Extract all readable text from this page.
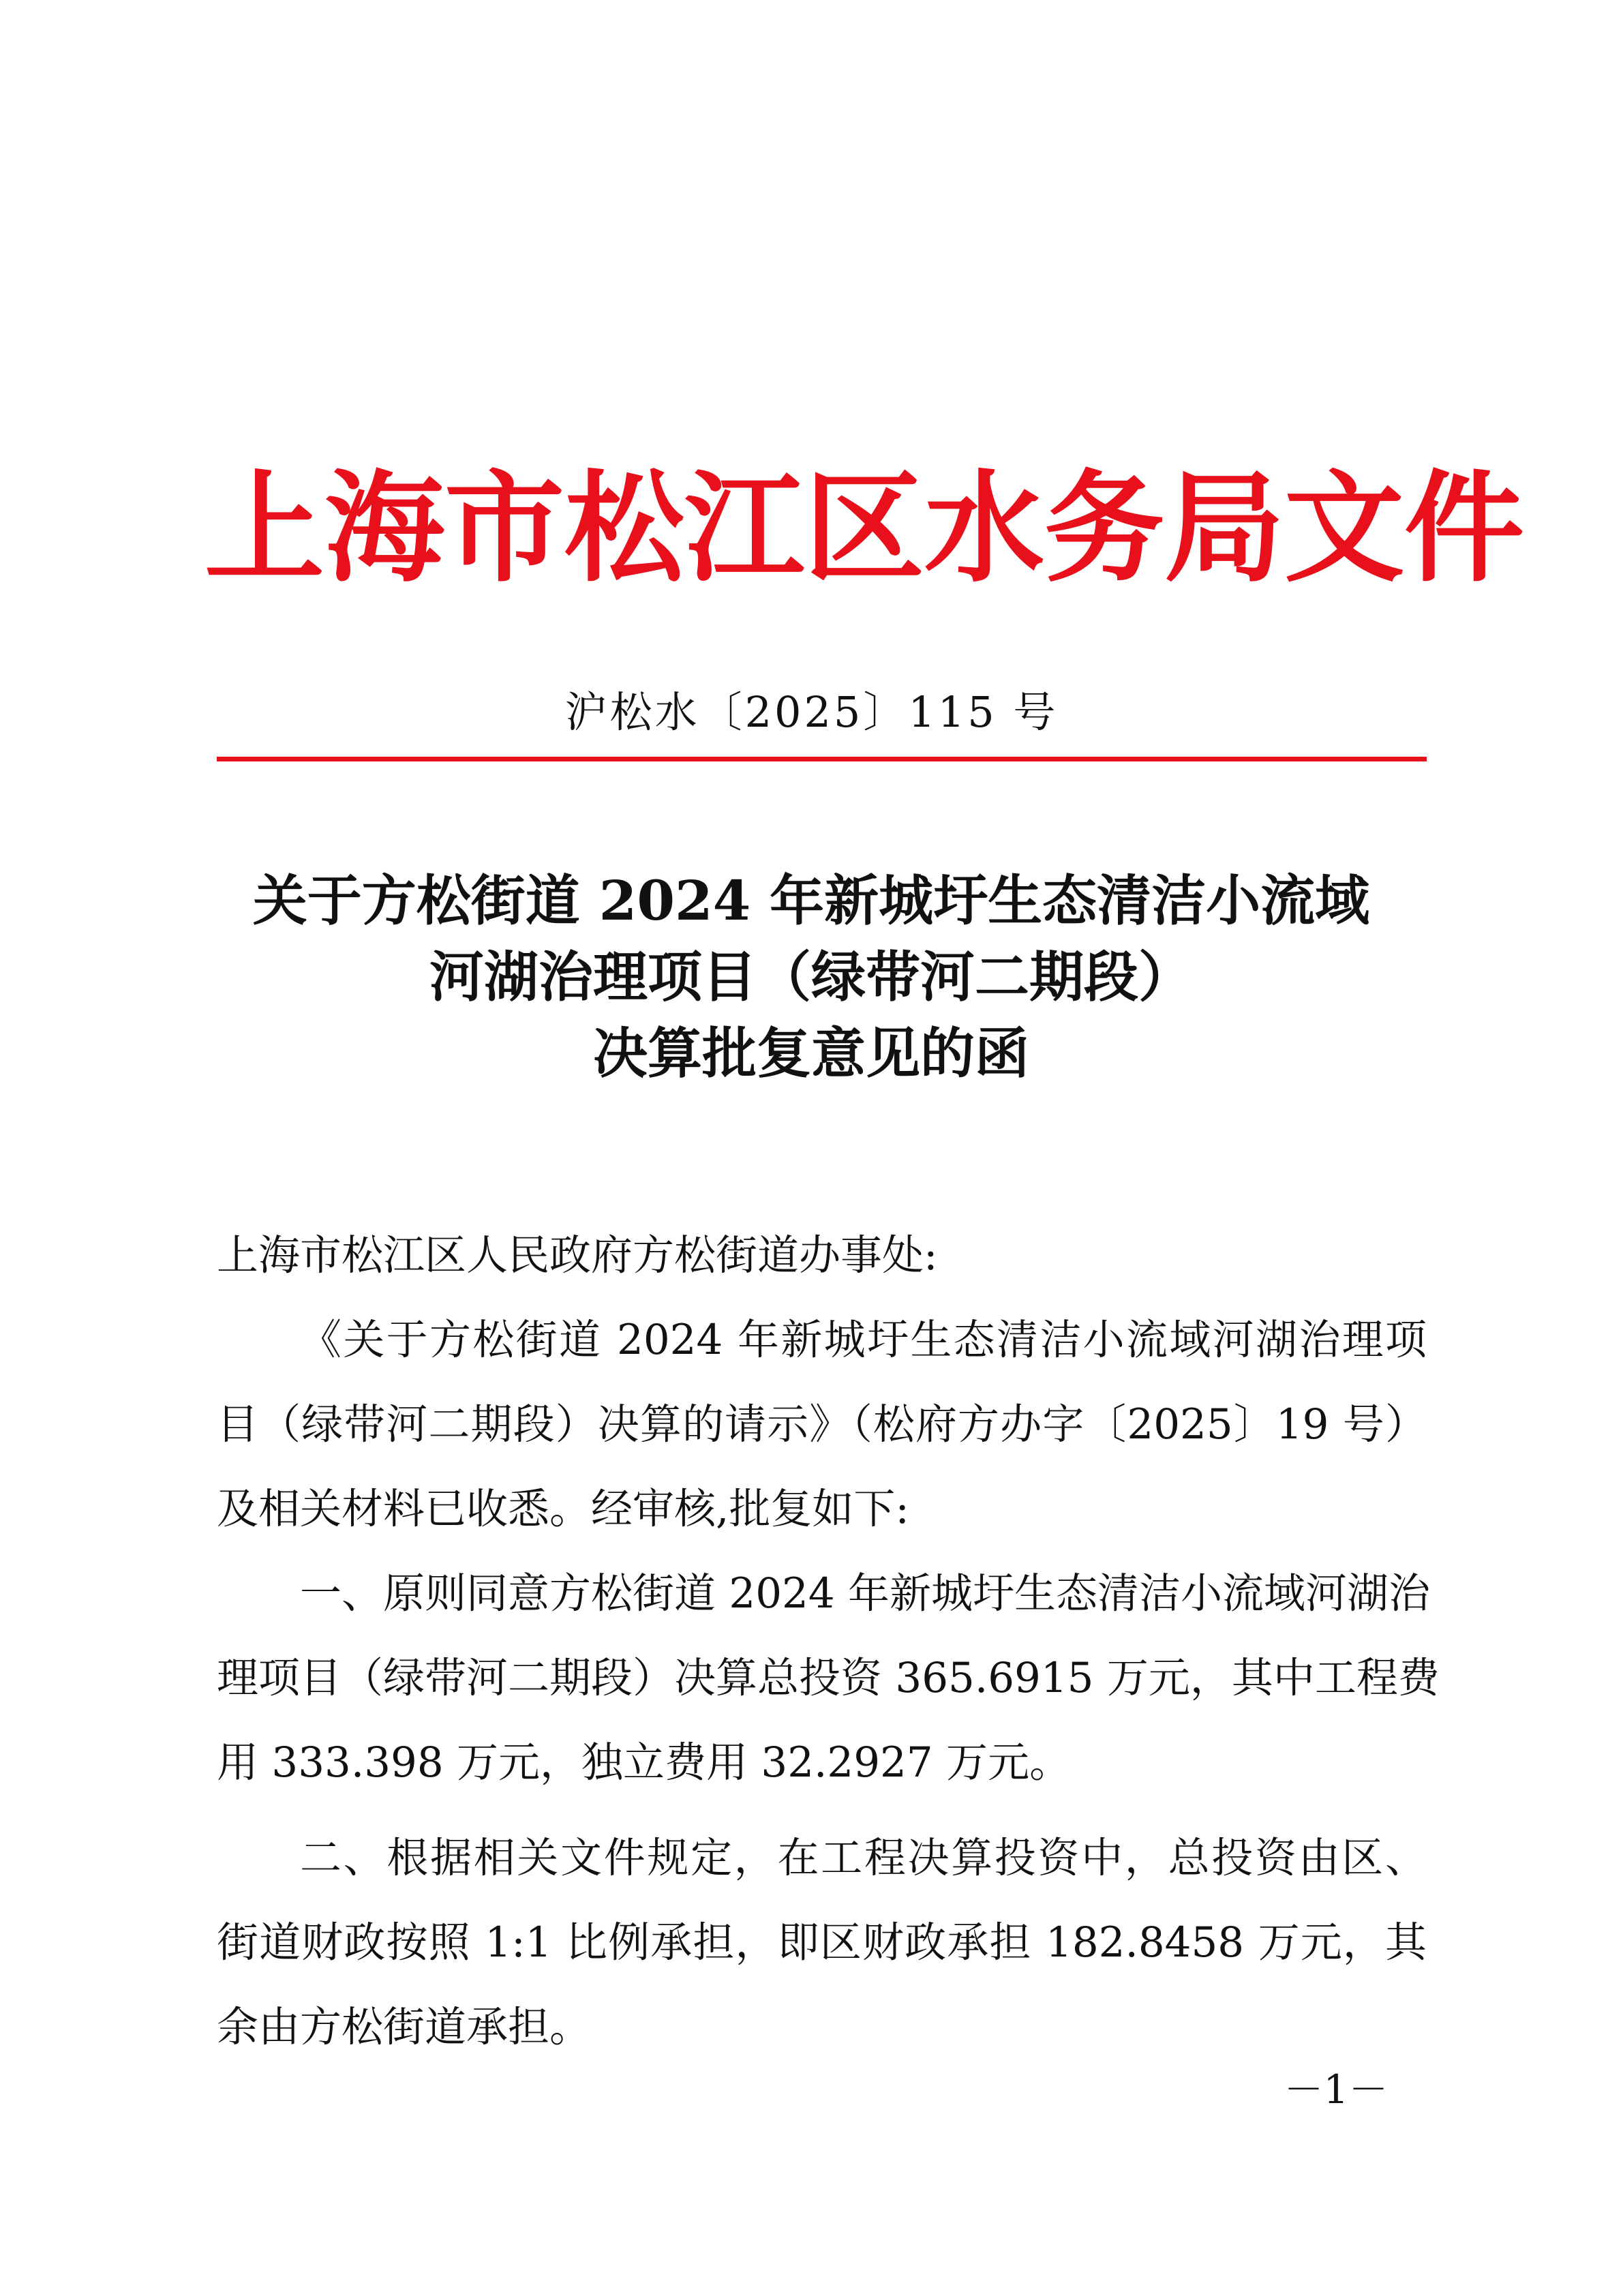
上海市松江区水务局文件
沪松水〔2025〕115 号
关于方松街道 2024 年新城圩生态清洁小流域
河湖治理项目（绿带河二期段）
决算批复意见的函
上海市松江区人民政府方松街道办事处:
《关于方松街道 2024 年新城圩生态清洁小流域河湖治理项
目（绿带河二期段）决算的请示》（松府方办字〔2025〕19 号）
及相关材料已收悉。经审核,批复如下:
一、原则同意方松街道 2024 年新城圩生态清洁小流域河湖治
理项目（绿带河二期段）决算总投资 365.6915 万元，其中工程费
用 333.398 万元，独立费用 32.2927 万元。
二、根据相关文件规定，在工程决算投资中，总投资由区、
街道财政按照 1:1 比例承担，即区财政承担 182.8458 万元，其
余由方松街道承担。
－1－
